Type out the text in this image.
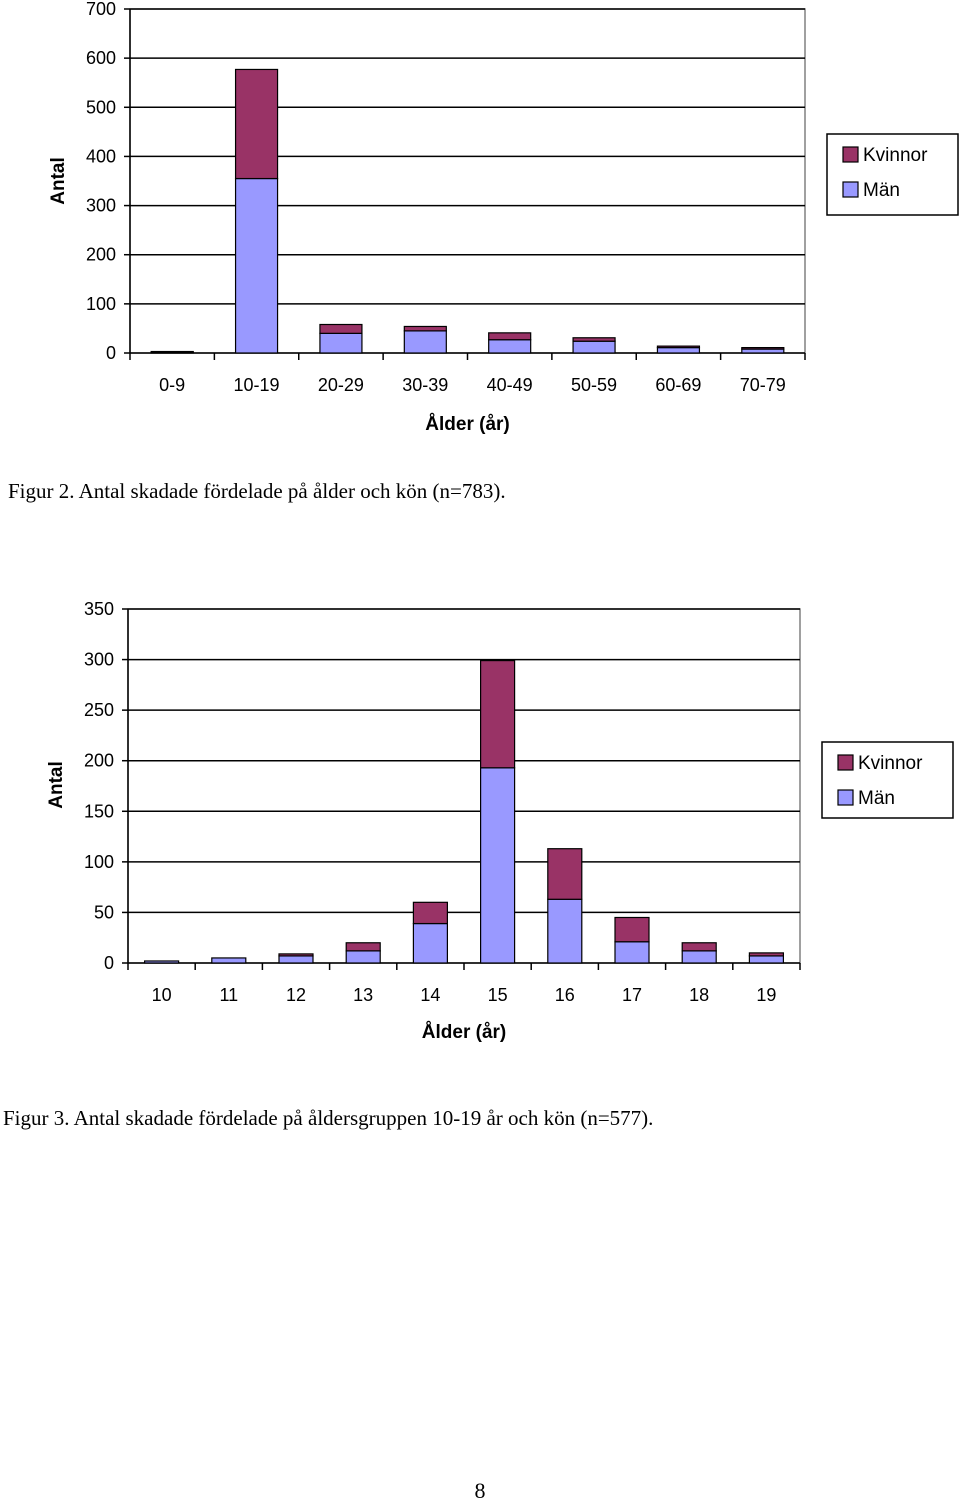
0
100
200
300
400
500
600
700
0-9	10-19 20-29 30-39 40-49 50-59 60-69 70-79
Ålder (år)
Antal
Kvinnor
Män
Figur 2. Antal skadade fördelade på ålder och kön (n=783).
0
50
100
150
200
250
300
350
10	11	12	13	14	15	16	17	18	19
Ålder (år)
Antal	Kvinnor
Män
Figur 3. Antal skadade fördelade på åldersgruppen 10-19 år och kön (n=577).
8
